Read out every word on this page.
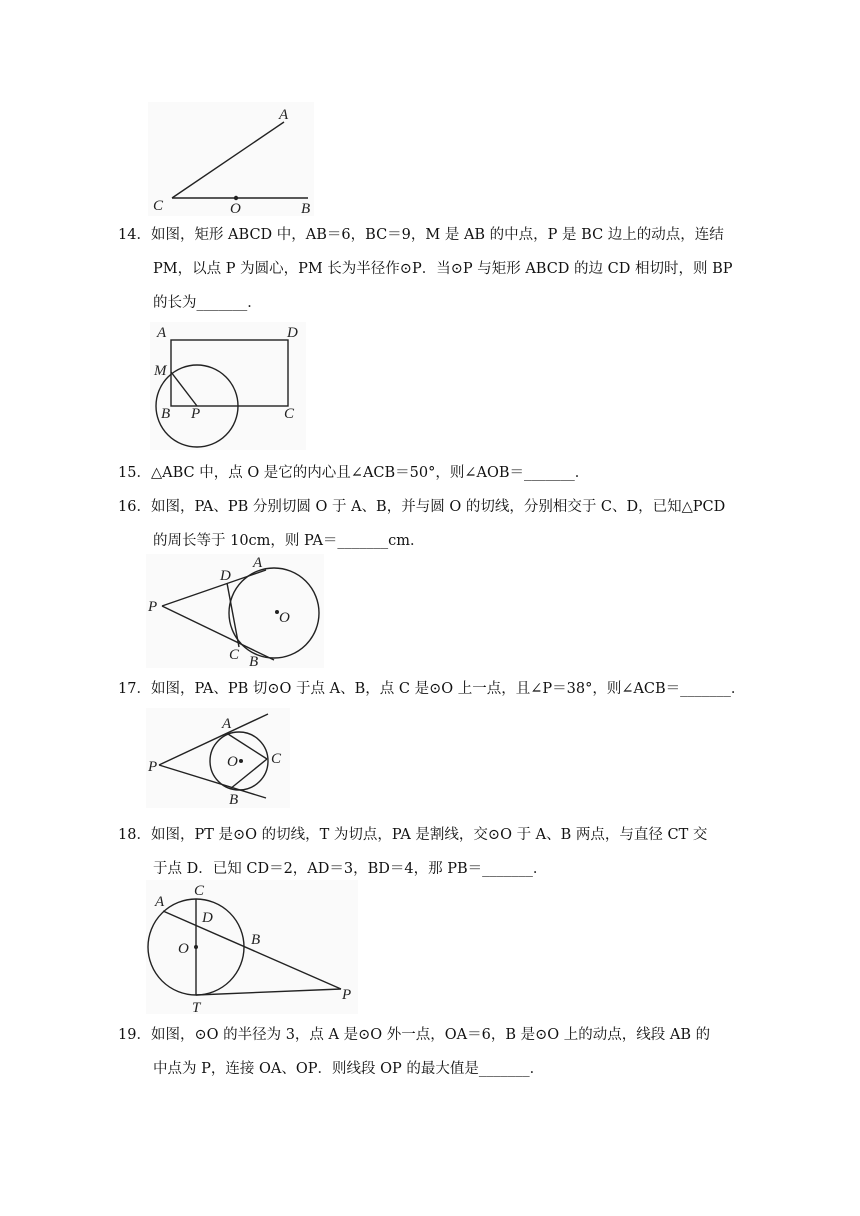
A
C	O	B
14．如图，矩形 ABCD 中，AB＝6，BC＝9，M 是 AB 的中点，P 是 BC 边上的动点，连结
PM，以点 P 为圆心，PM 长为半径作⊙P．当⊙P 与矩形 ABCD 的边 CD 相切时，则 BP
的长为_______．
A	D
M
B P	C
15．△ABC 中，点 O 是它的内心且∠ACB＝50°，则∠AOB＝_______．
16．如图，PA、PB 分别切圆 O 于 A、B，并与圆 O 的切线，分别相交于 C、D，已知△PCD
的周长等于 10cm，则 PA＝_______cm．
D
A
P
O
C B
17．如图，PA、PB 切⊙O 于点 A、B，点 C 是⊙O 上一点，且∠P＝38°，则∠ACB＝_______．
A
P	O C
B
18．如图，PT 是⊙O 的切线，T 为切点，PA 是割线，交⊙O 于 A、B 两点，与直径 CT 交
于点 D．已知 CD＝2，AD＝3，BD＝4，那 PB＝_______．
C
A
D
B
O
T
P
19．如图，⊙O 的半径为 3，点 A 是⊙O 外一点，OA＝6，B 是⊙O 上的动点，线段 AB 的
中点为 P，连接 OA、OP．则线段 OP 的最大值是_______．
